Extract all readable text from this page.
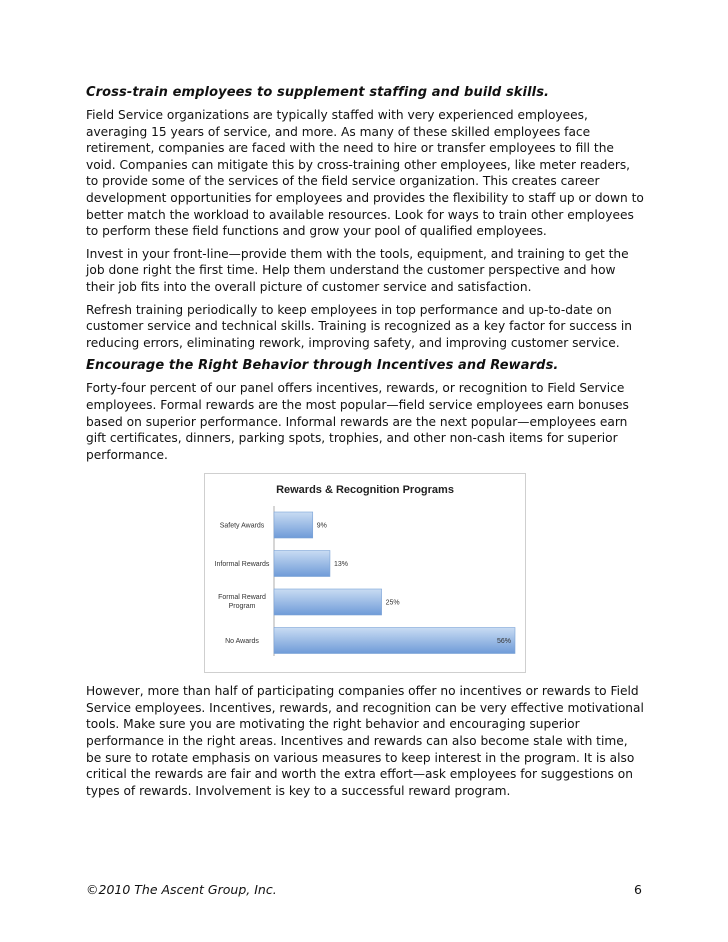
Cross-train employees to supplement staffing and build skills.

Field Service organizations are typically staffed with very experienced employees, averaging 15 years of service, and more. As many of these skilled employees face retirement, companies are faced with the need to hire or transfer employees to fill the void. Companies can mitigate this by cross-training other employees, like meter readers, to provide some of the services of the field service organization. This creates career development opportunities for employees and provides the flexibility to staff up or down to better match the workload to available resources. Look for ways to train other employees to perform these field functions and grow your pool of qualified employees.

Invest in your front-line—provide them with the tools, equipment, and training to get the job done right the first time. Help them understand the customer perspective and how their job fits into the overall picture of customer service and satisfaction.

Refresh training periodically to keep employees in top performance and up-to-date on customer service and technical skills. Training is recognized as a key factor for success in reducing errors, eliminating rework, improving safety, and improving customer service.

Encourage the Right Behavior through Incentives and Rewards.

Forty-four percent of our panel offers incentives, rewards, or recognition to Field Service employees. Formal rewards are the most popular—field service employees earn bonuses based on superior performance. Informal rewards are the next popular—employees earn gift certificates, dinners, parking spots, trophies, and other non-cash items for superior performance.

Rewards & Recognition Programs
Safety Awards	9%
Informal Rewards	13%
Formal Reward Program	25%
No Awards	56%

However, more than half of participating companies offer no incentives or rewards to Field Service employees. Incentives, rewards, and recognition can be very effective motivational tools. Make sure you are motivating the right behavior and encouraging superior performance in the right areas. Incentives and rewards can also become stale with time, be sure to rotate emphasis on various measures to keep interest in the program. It is also critical the rewards are fair and worth the extra effort—ask employees for suggestions on types of rewards. Involvement is key to a successful reward program.

©2010 The Ascent Group, Inc.	6
